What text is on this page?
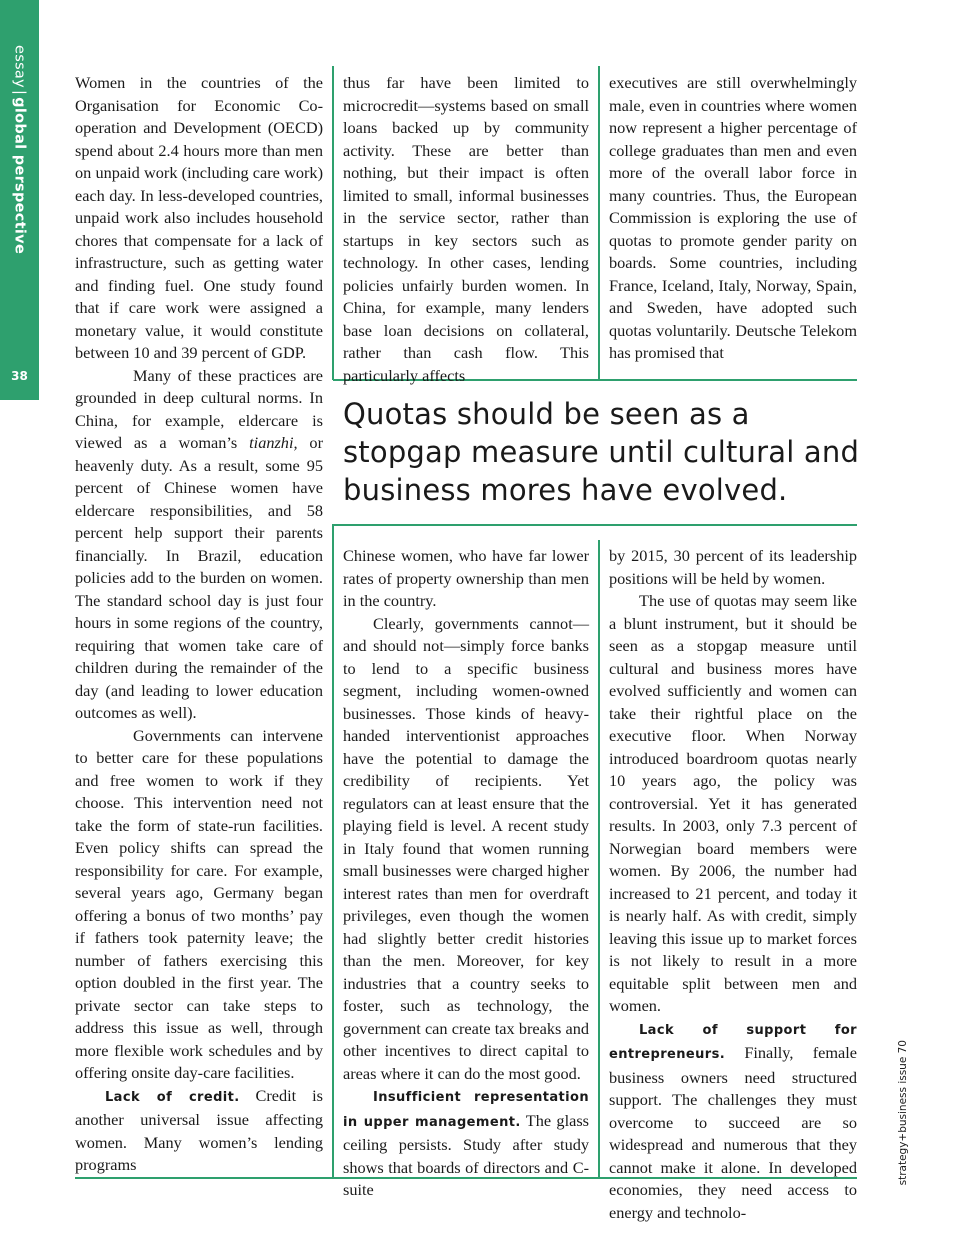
essay|global perspective
38

Women in the countries of the Organisation for Economic Co-operation and Development (OECD) spend about 2.4 hours more than men on unpaid work (including care work) each day. In less-developed countries, unpaid work also includes household chores that compensate for a lack of infrastructure, such as getting water and finding fuel. One study found that if care work were assigned a monetary value, it would constitute between 10 and 39 percent of GDP.

Many of these practices are grounded in deep cultural norms. In China, for example, eldercare is viewed as a woman’s tianzhi, or heavenly duty. As a result, some 95 percent of Chinese women have eldercare responsibilities, and 58 percent help support their parents financially. In Brazil, education policies add to the burden on women. The standard school day is just four hours in some regions of the country, requiring that women take care of children during the remainder of the day (and leading to lower education outcomes as well).

Governments can intervene to better care for these populations and free women to work if they choose. This intervention need not take the form of state-run facilities. Even policy shifts can spread the responsibility for care. For example, several years ago, Germany began offering a bonus of two months’ pay if fathers took paternity leave; the number of fathers exercising this option doubled in the first year. The private sector can take steps to address this issue as well, through more flexible work schedules and by offering onsite day-care facilities.

Lack of credit. Credit is another universal issue affecting women. Many women’s lending programs

thus far have been limited to microcredit—systems based on small loans backed up by community activity. These are better than nothing, but their impact is often limited to small, informal businesses in the service sector, rather than startups in key sectors such as technology. In other cases, lending policies unfairly burden women. In China, for example, many lenders base loan decisions on collateral, rather than cash flow. This particularly affects

executives are still overwhelmingly male, even in countries where women now represent a higher percentage of college graduates than men and even more of the overall labor force in many countries. Thus, the European Commission is exploring the use of quotas to promote gender parity on boards. Some countries, including France, Iceland, Italy, Norway, Spain, and Sweden, have adopted such quotas voluntarily. Deutsche Telekom has promised that

Quotas should be seen as a stopgap measure until cultural and business mores have evolved.

Chinese women, who have far lower rates of property ownership than men in the country.

Clearly, governments cannot—and should not—simply force banks to lend to a specific business segment, including women-owned businesses. Those kinds of heavy-handed interventionist approaches have the potential to damage the credibility of recipients. Yet regulators can at least ensure that the playing field is level. A recent study in Italy found that women running small businesses were charged higher interest rates than men for overdraft privileges, even though the women had slightly better credit histories than the men. Moreover, for key industries that a country seeks to foster, such as technology, the government can create tax breaks and other incentives to direct capital to areas where it can do the most good.

Insufficient representation in upper management. The glass ceiling persists. Study after study shows that boards of directors and C-suite

by 2015, 30 percent of its leadership positions will be held by women.

The use of quotas may seem like a blunt instrument, but it should be seen as a stopgap measure until cultural and business mores have evolved sufficiently and women can take their rightful place on the executive floor. When Norway introduced boardroom quotas nearly 10 years ago, the policy was controversial. Yet it has generated results. In 2003, only 7.3 percent of Norwegian board members were women. By 2006, the number had increased to 21 percent, and today it is nearly half. As with credit, simply leaving this issue up to market forces is not likely to result in a more equitable split between men and women.

Lack of support for entrepreneurs. Finally, female business owners need structured support. The challenges they must overcome to succeed are so widespread and numerous that they cannot make it alone. In developed economies, they need access to energy and technolo-

strategy+business issue 70
